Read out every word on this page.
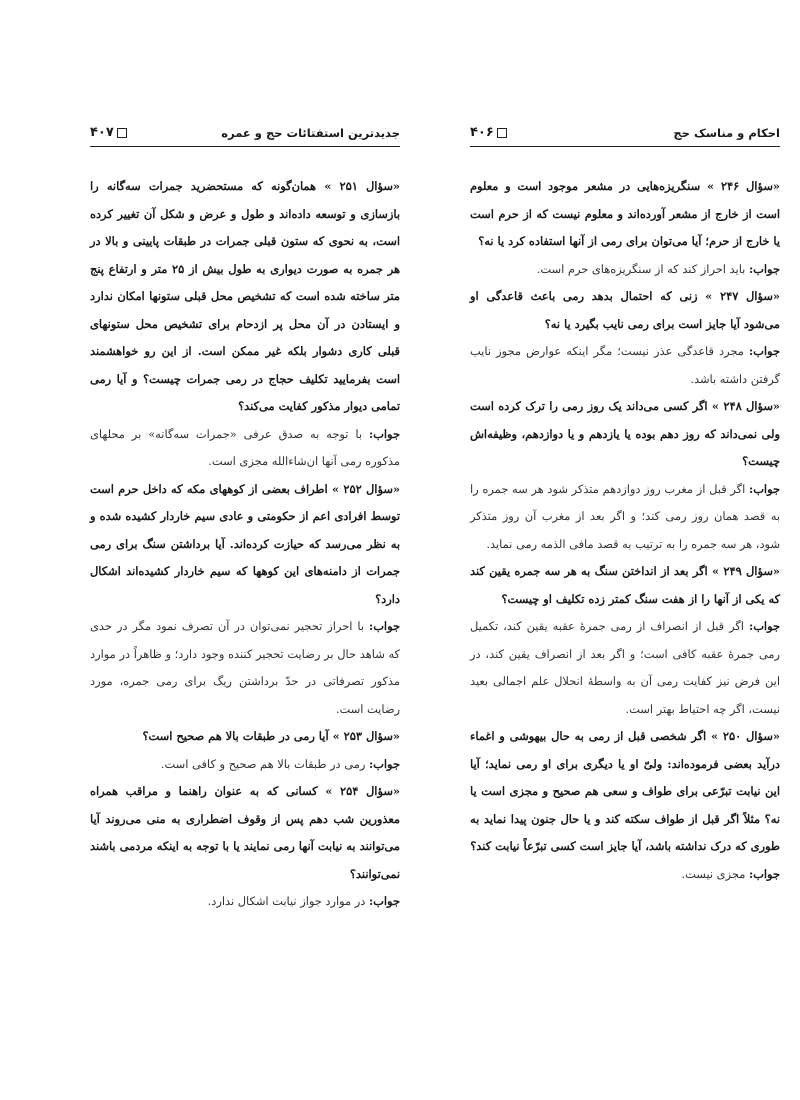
جدیدترین استفتائات حج و عمره
۴۰۷

«سؤال ۲۵۱ » همان‌گونه که مستحضرید جمرات سه‌گانه را بازسازی و توسعه داده‌اند و طول و عرض و شکل آن تغییر کرده است، به نحوی که ستون قبلی جمرات در طبقات پایینی و بالا در هر جمره به صورت دیواری به طول بیش از ۲۵ متر و ارتفاع پنج متر ساخته شده است که تشخیص محل قبلی ستونها امکان ندارد و ایستادن در آن محل پر ازدحام برای تشخیص محل ستونهای قبلی کاری دشوار بلکه غیر ممکن است. از این رو خواهشمند است بفرمایید تکلیف حجاج در رمی جمرات چیست؟ و آیا رمی تمامی دیوار مذکور کفایت می‌کند؟

جواب: با توجه به صدق عرفی «جمرات سه‌گانه» بر محلهای مذکوره رمی آنها ان‌شاءالله مجزی است.

«سؤال ۲۵۲ » اطراف بعضی از کوههای مکه که داخل حرم است توسط افرادی اعم از حکومتی و عادی سیم خاردار کشیده شده و به نظر می‌رسد که حیازت کرده‌اند. آیا برداشتن سنگ برای رمی جمرات از دامنه‌های این کوهها که سیم خاردار کشیده‌اند اشکال دارد؟

جواب: با احراز تحجیر نمی‌توان در آن تصرف نمود مگر در حدی که شاهد حال بر رضایت تحجیر کننده وجود دارد؛ و ظاهراً در موارد مذکور تصرفاتی در حدّ برداشتن ریگ برای رمی جمره، مورد رضایت است.

«سؤال ۲۵۳ » آیا رمی در طبقات بالا هم صحیح است؟

جواب: رمی در طبقات بالا هم صحیح و کافی است.

«سؤال ۲۵۴ » کسانی که به عنوان راهنما و مراقب همراه معذورین شب دهم پس از وقوف اضطراری به منی می‌روند آیا می‌توانند به نیابت آنها رمی نمایند یا با توجه به اینکه مردمی باشند نمی‌توانند؟

جواب: در موارد جواز نیابت اشکال ندارد.

احکام و مناسک حج
۴۰۶

«سؤال ۲۴۶ » سنگریزه‌هایی در مشعر موجود است و معلوم است از خارج از مشعر آورده‌اند و معلوم نیست که از حرم است یا خارج از حرم؛ آیا می‌توان برای رمی از آنها استفاده کرد یا نه؟

جواب: باید احراز کند که از سنگریزه‌های حرم است.

«سؤال ۲۴۷ » زنی که احتمال بدهد رمی باعث قاعدگی او می‌شود آیا جایز است برای رمی نایب بگیرد یا نه؟

جواب: مجرد قاعدگی عذر نیست؛ مگر اینکه عوارض مجوز نایب گرفتن داشته باشد.

«سؤال ۲۴۸ » اگر کسی می‌داند یک روز رمی را ترک کرده است ولی نمی‌داند که روز دهم بوده یا یازدهم و یا دوازدهم، وظیفه‌اش چیست؟

جواب: اگر قبل از مغرب روز دوازدهم متذکر شود هر سه جمره را به قصد همان روز رمی کند؛ و اگر بعد از مغرب آن روز متذکر شود، هر سه جمره را به ترتیب به قصد مافی الذمه رمی نماید.

«سؤال ۲۴۹ » اگر بعد از انداختن سنگ به هر سه جمره یقین کند که یکی از آنها را از هفت سنگ کمتر زده تکلیف او چیست؟

جواب: اگر قبل از انصراف از رمی جمرهٔ عقبه یقین کند، تکمیل رمی جمرهٔ عقبه کافی است؛ و اگر بعد از انصراف یقین کند، در این فرض نیز کفایت رمی آن به واسطهٔ انحلال علم اجمالی بعید نیست، اگر چه احتیاط بهتر است.

«سؤال ۲۵۰ » اگر شخصی قبل از رمی به حال بیهوشی و اغماء درآید بعضی فرموده‌اند: ولیّ او یا دیگری برای او رمی نماید؛ آیا این نیابت تبرّعی برای طواف و سعی هم صحیح و مجزی است یا نه؟ مثلاً اگر قبل از طواف سکته کند و یا حال جنون پیدا نماید به طوری که درک نداشته باشد، آیا جایز است کسی تبرّعاً نیابت کند؟

جواب: مجزی نیست.
